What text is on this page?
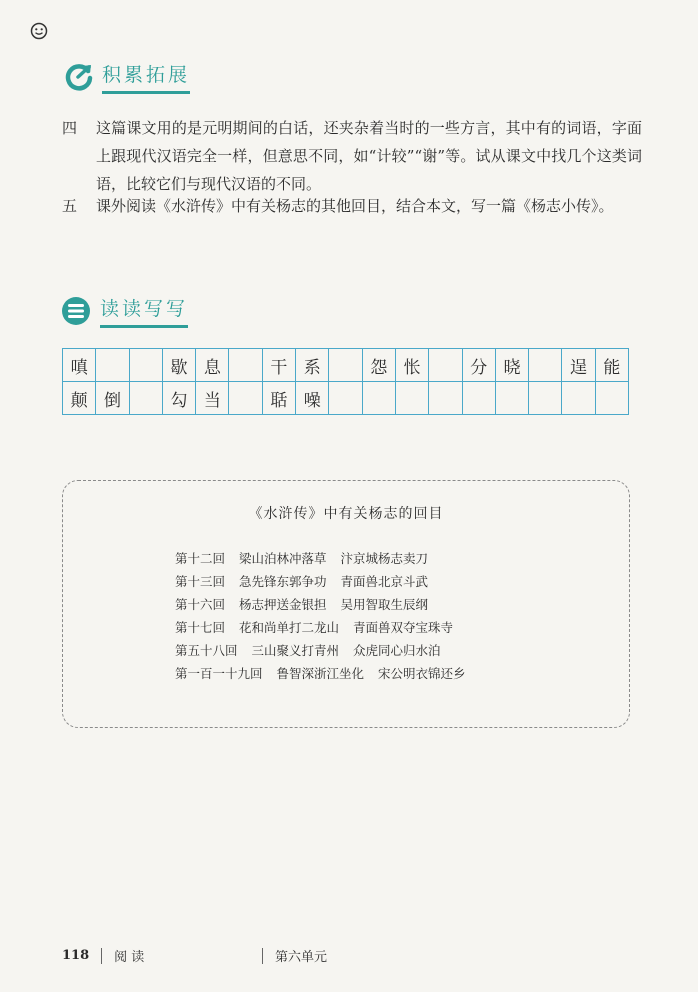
积累拓展
四	这篇课文用的是元明期间的白话，还夹杂着当时的一些方言，其中有的词语，字面上跟现代汉语完全一样，但意思不同，如“计较”“谢”等。试从课文中找几个这类词语，比较它们与现代汉语的不同。
五	课外阅读《水浒传》中有关杨志的其他回目，结合本文，写一篇《杨志小传》。
读读写写
嗔			歇	息		干	系		怨	怅		分	晓		逞	能
颠	倒		勾	当		聒	噪									
《水浒传》中有关杨志的回目
第十二回 梁山泊林冲落草 汴京城杨志卖刀
第十三回 急先锋东郭争功 青面兽北京斗武
第十六回 杨志押送金银担 吴用智取生辰纲
第十七回 花和尚单打二龙山 青面兽双夺宝珠寺
第五十八回 三山聚义打青州 众虎同心归水泊
第一百一十九回 鲁智深浙江坐化 宋公明衣锦还乡
118 阅 读	第六单元
